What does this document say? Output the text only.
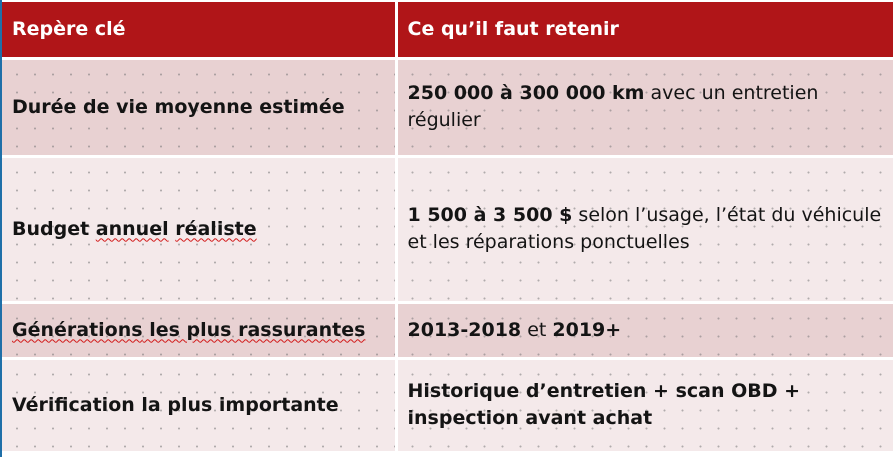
Repère clé	Ce qu’il faut retenir
Durée de vie moyenne estimée	250 000 à 300 000 km avec un entretien régulier
Budget annuel réaliste	1 500 à 3 500 $ selon l’usage, l’état du véhicule et les réparations ponctuelles
Générations les plus rassurantes	2013-2018 et 2019+
Vérification la plus importante	Historique d’entretien + scan OBD + inspection avant achat
